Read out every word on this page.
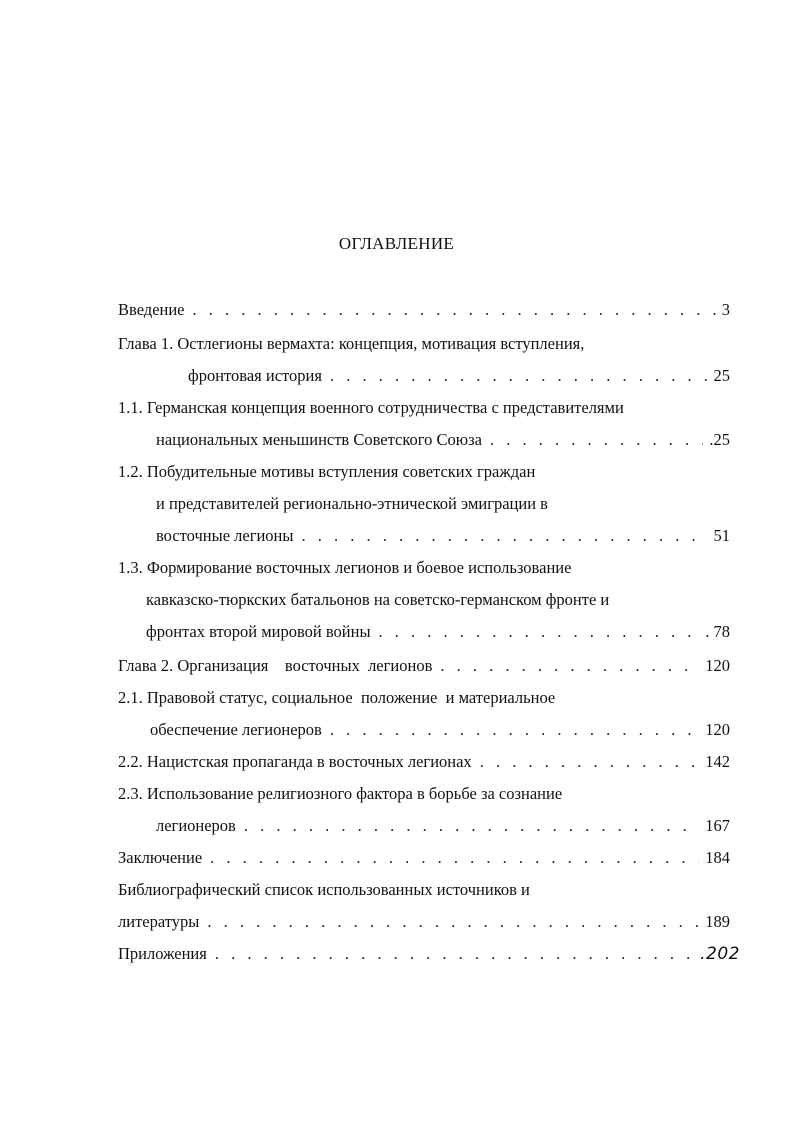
ОГЛАВЛЕНИЕ
Введение . . .	3
Глава 1. Остлегионы вермахта: концепция, мотивация вступления,
фронтовая история . . .	25
1.1. Германская концепция военного сотрудничества с представителями
национальных меньшинств Советского Союза . . .	.25
1.2. Побудительные мотивы вступления советских граждан
и представителей регионально-этнической эмиграции в
восточные легионы . . .	51
1.3. Формирование восточных легионов и боевое использование
кавказско-тюркских батальонов на советско-германском фронте и
фронтах второй мировой войны . . .	. 78
Глава 2. Организация    восточных  легионов . . .	120
2.1. Правовой статус, социальное  положение  и материальное
обеспечение легионеров . . .	120
2.2. Нацистская пропаганда в восточных легионах . . .	142
2.3. Использование религиозного фактора в борьбе за сознание
легионеров . . .	167
Заключение . . .	184
Библиографический список использованных источников и
литературы . . .	189
Приложения . . .	.202
